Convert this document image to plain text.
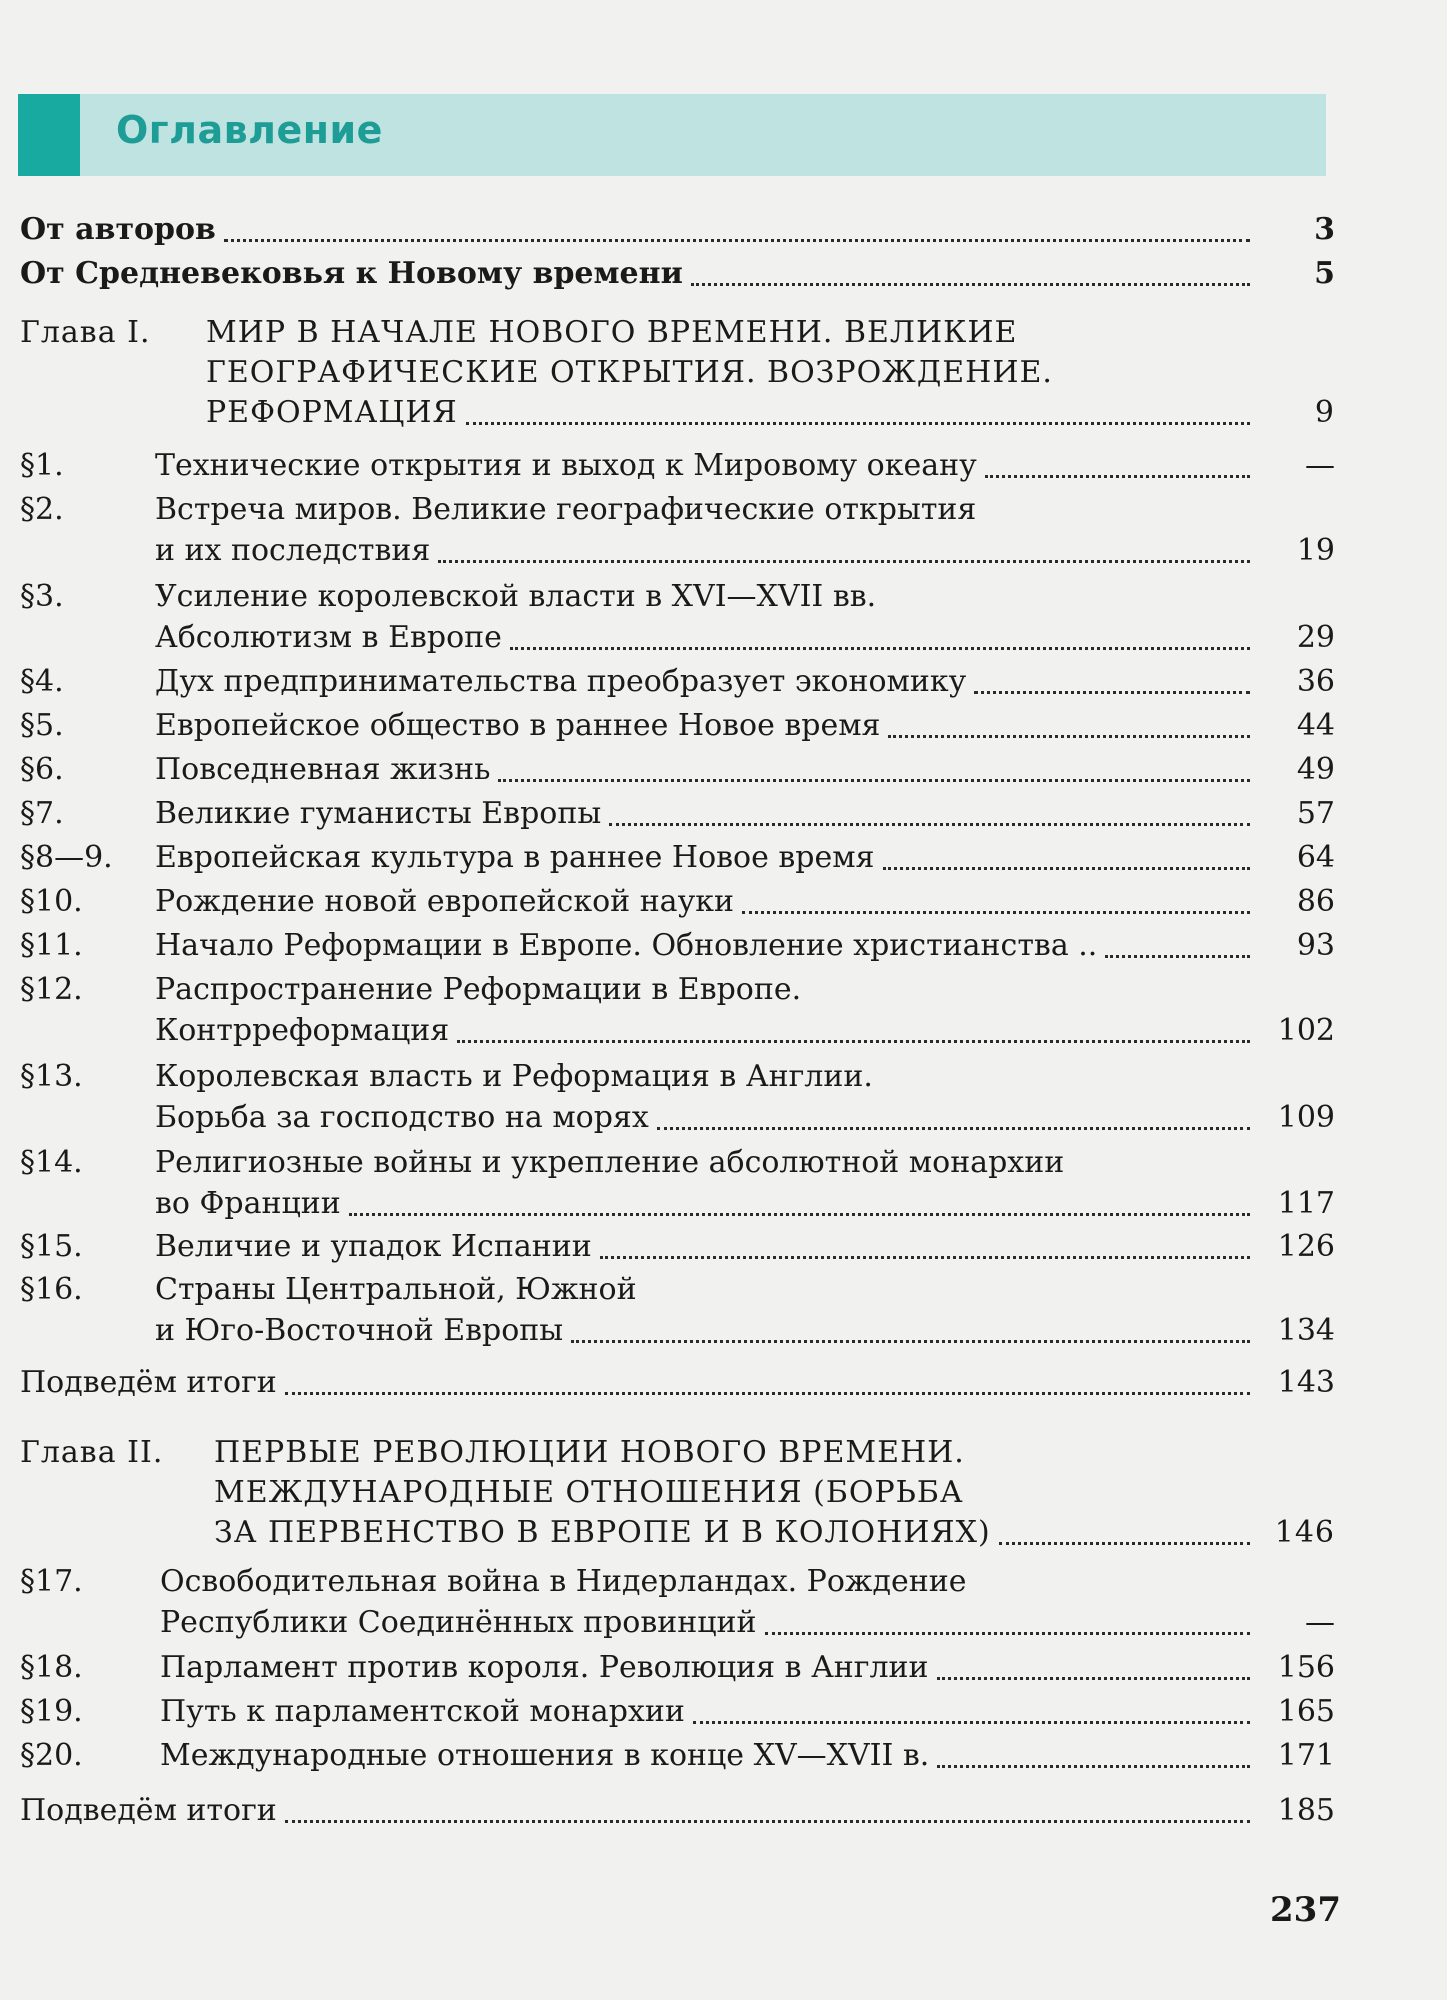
Оглавление
От авторов	3
От Средневековья к Новому времени	5
Глава I. МИР В НАЧАЛЕ НОВОГО ВРЕМЕНИ. ВЕЛИКИЕ
ГЕОГРАФИЧЕСКИЕ ОТКРЫТИЯ. ВОЗРОЖДЕНИЕ.
РЕФОРМАЦИЯ	9
§1.	Технические открытия и выход к Мировому океану	—
§2.	Встреча миров. Великие географические открытия
и их последствия	19
§3.	Усиление королевской власти в XVI—XVII вв.
Абсолютизм в Европе	29
§4.	Дух предпринимательства преобразует экономику	36
§5.	Европейское общество в раннее Новое время	44
§6.	Повседневная жизнь	49
§7.	Великие гуманисты Европы	57
§8—9. Европейская культура в раннее Новое время	64
§10. Рождение новой европейской науки	86
§11. Начало Реформации в Европе. Обновление христианства ..	93
§12. Распространение Реформации в Европе.
Контрреформация	102
§13. Королевская власть и Реформация в Англии.
Борьба за господство на морях	109
§14. Религиозные войны и укрепление абсолютной монархии
во Франции	117
§15. Величие и упадок Испании	126
§16. Страны Центральной, Южной
и Юго-Восточной Европы	134
Подведём итоги	143
Глава II. ПЕРВЫЕ РЕВОЛЮЦИИ НОВОГО ВРЕМЕНИ.
МЕЖДУНАРОДНЫЕ ОТНОШЕНИЯ (БОРЬБА
ЗА ПЕРВЕНСТВО В ЕВРОПЕ И В КОЛОНИЯХ)	146
§17.	Освободительная война в Нидерландах. Рождение
Республики Соединённых провинций	—
§18.	Парламент против короля. Революция в Англии	156
§19.	Путь к парламентской монархии	165
§20.	Международные отношения в конце XV—XVII в.	171
Подведём итоги	185
237
